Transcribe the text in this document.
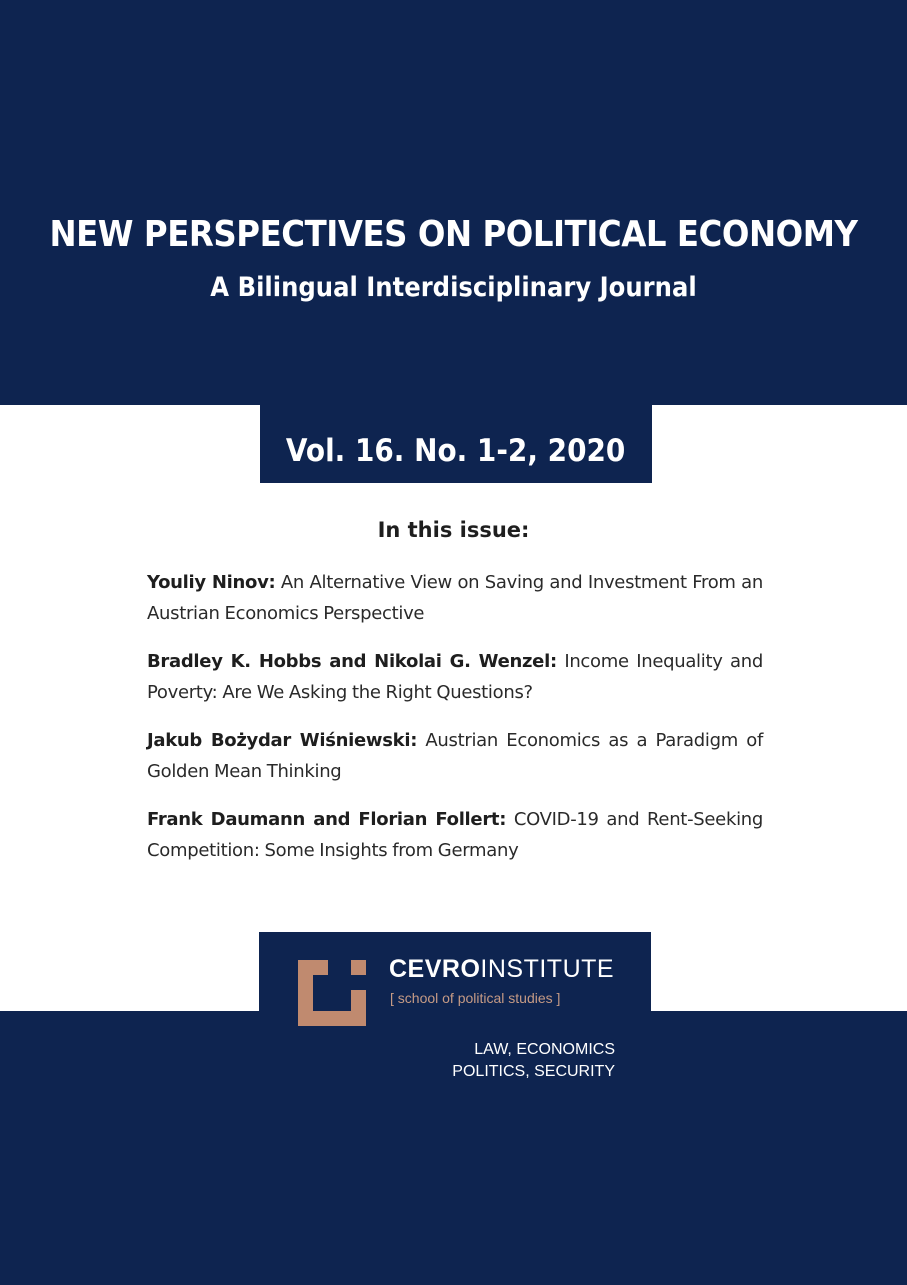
NEW PERSPECTIVES ON POLITICAL ECONOMY
A Bilingual Interdisciplinary Journal
Vol. 16. No. 1-2, 2020
In this issue:
Youliy Ninov: An Alternative View on Saving and Investment From an Austrian Economics Perspective
Bradley K. Hobbs and Nikolai G. Wenzel: Income Inequality and Poverty: Are We Asking the Right Questions?
Jakub Bożydar Wiśniewski: Austrian Economics as a Paradigm of Golden Mean Thinking
Frank Daumann and Florian Follert: COVID-19 and Rent-Seeking Competition: Some Insights from Germany
CEVROINSTITUTE
[ school of political studies ]
LAW, ECONOMICS
POLITICS, SECURITY
